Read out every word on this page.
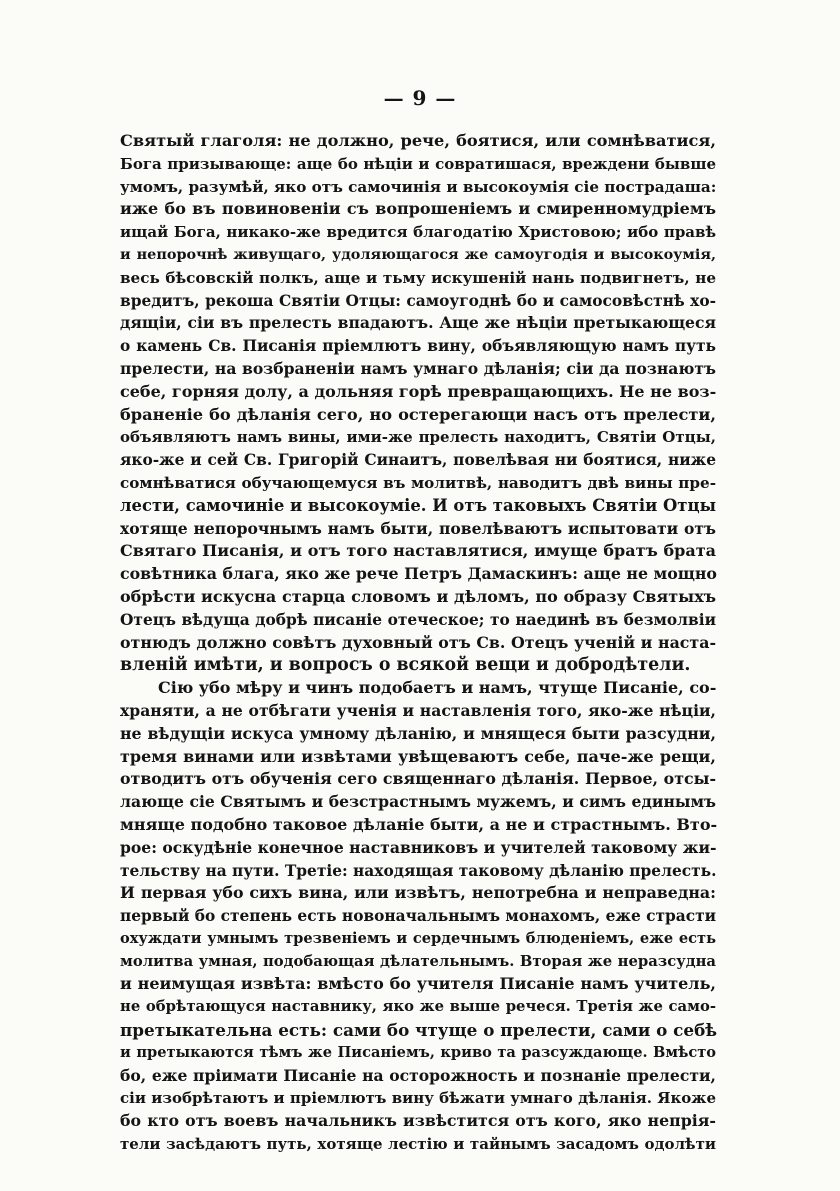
— 9 —
Святый глаголя: не должно, рече, боятися, или сомнѣватися,
Бога призывающе: аще бо нѣцiи и совратишася, вреждени бывше
умомъ, разумѣй, яко отъ самочинiя и высокоумiя сiе пострадаша:
иже бо въ повиновенiи съ вопрошенiемъ и смиренномудрiемъ
ищай Бога, никако-же вредится благодатiю Христовою; ибо правѣ
и непорочнѣ живущаго, удоляющагося же самоугодiя и высокоумiя,
весь бѣсовскiй полкъ, аще и тьму искушенiй нань подвигнетъ, не
вредитъ, рекоша Святiи Отцы: самоугоднѣ бо и самосовѣстнѣ хо-
дящiи, сiи въ прелесть впадаютъ. Аще же нѣцiи претыкающеся
о камень Св. Писанiя прiемлютъ вину, объявляющую намъ путь
прелести, на возбраненiи намъ умнаго дѣланiя; сiи да познаютъ
себе, горняя долу, а дольняя горѣ превращающихъ. Не не воз-
браненiе бо дѣланiя сего, но остерегающи насъ отъ прелести,
объявляютъ намъ вины, ими-же прелесть находитъ, Святiи Отцы,
яко-же и сей Св. Григорiй Синаитъ, повелѣвая ни боятися, ниже
сомнѣватися обучающемуся въ молитвѣ, наводитъ двѣ вины пре-
лести, самочинiе и высокоумiе. И отъ таковыхъ Святiи Отцы
хотяще непорочнымъ намъ быти, повелѣваютъ испытовати отъ
Святаго Писанiя, и отъ того наставлятися, имуще братъ брата
совѣтника блага, яко же рече Петръ Дамаскинъ: аще не мощно
обрѣсти искусна старца словомъ и дѣломъ, по образу Святыхъ
Отецъ вѣдуща добрѣ писанiе отеческое; то наединѣ въ безмолвiи
отнюдъ должно совѣтъ духовный отъ Св. Отецъ ученiй и наста-
вленiй имѣти, и вопросъ о всякой вещи и добродѣтели.
Сiю убо мѣру и чинъ подобаетъ и намъ, чтуще Писанiе, со-
храняти, а не отбѣгати ученiя и наставленiя того, яко-же нѣцiи,
не вѣдущiи искуса умному дѣланiю, и мнящеся быти разсудни,
тремя винами или извѣтами увѣщеваютъ себе, паче-же рещи,
отводитъ отъ обученiя сего священнагo дѣланiя. Первое, отсы-
лающе сiе Святымъ и безстрастнымъ мужемъ, и симъ единымъ
мняще подобно таковое дѣланiе быти, а не и страстнымъ. Вто-
рое: оскудѣнiе конечное наставниковъ и учителей таковому жи-
тельству на пути. Третiе: находящая таковому дѣланiю прелесть.
И первая убо сихъ вина, или извѣтъ, непотребна и неправедна:
первый бо степень есть новоначальнымъ монахомъ, еже страсти
охуждати умнымъ трезвенiемъ и сердечнымъ блюденiемъ, еже есть
молитва умная, подобающая дѣлательнымъ. Вторая же неразсудна
и неимущая извѣта: вмѣсто бо учителя Писанiе намъ учитель,
не обрѣтающуся наставнику, яко же выше речеся. Третiя же само-
претыкательна есть: сами бо чтуще о прелести, сами о себѣ
и претыкаются тѣмъ же Писанiемъ, криво та разсуждающе. Вмѣсто
бо, еже прiимати Писанiе на осторожность и познанiе прелести,
сiи изобрѣтаютъ и прiемлютъ вину бѣжати умнаго дѣланiя. Якоже
бо кто отъ воевъ начальникъ извѣстится отъ кого, яко непрiя-
тели засѣдаютъ путь, хотяще лестiю и тайнымъ засадомъ одолѣти
